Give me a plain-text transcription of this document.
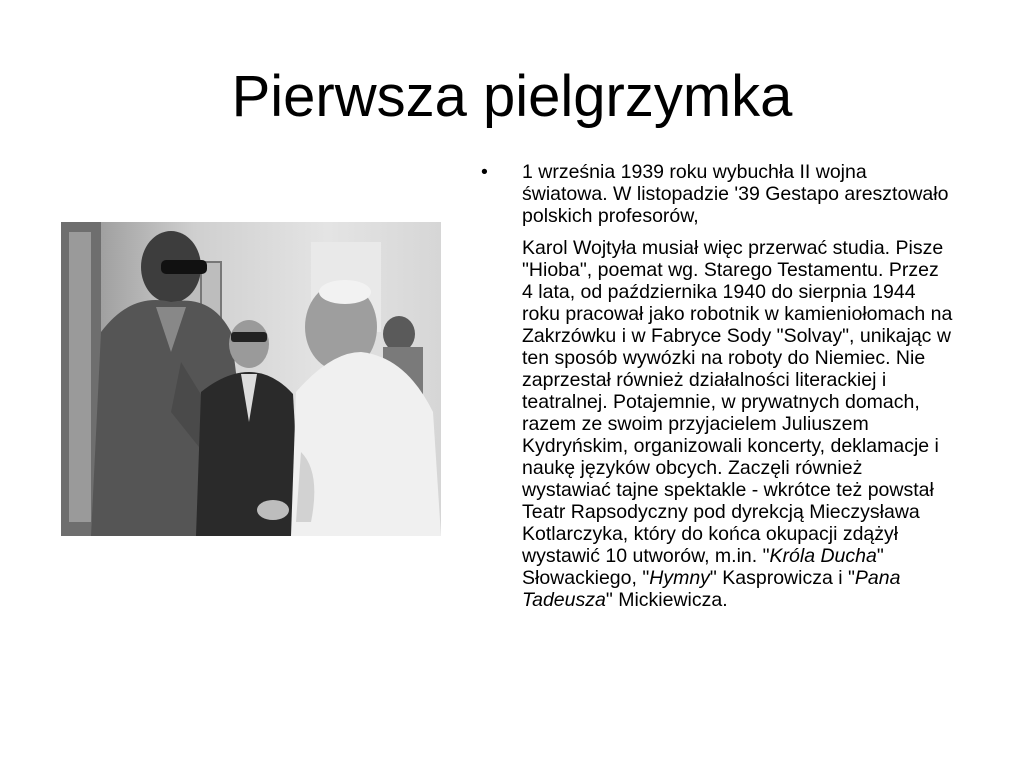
Pierwsza pielgrzymka
•	1 września 1939 roku wybuchła II wojna światowa. W listopadzie '39 Gestapo aresztowało polskich profesorów,
Karol Wojtyła musiał więc przerwać studia. Pisze "Hioba", poemat wg. Starego Testamentu. Przez 4 lata, od października 1940 do sierpnia 1944 roku pracował jako robotnik w kamieniołomach na Zakrzówku i w Fabryce Sody "Solvay", unikając w ten sposób wywózki na roboty do Niemiec. Nie zaprzestał również działalności literackiej i teatralnej. Potajemnie, w prywatnych domach, razem ze swoim przyjacielem Juliuszem Kydryńskim, organizowali koncerty, deklamacje i naukę języków obcych. Zaczęli również wystawiać tajne spektakle - wkrótce też powstał Teatr Rapsodyczny pod dyrekcją Mieczysława Kotlarczyka, który do końca okupacji zdążył wystawić 10 utworów, m.in. "Króla Ducha" Słowackiego, "Hymny" Kasprowicza i "Pana Tadeusza" Mickiewicza.
